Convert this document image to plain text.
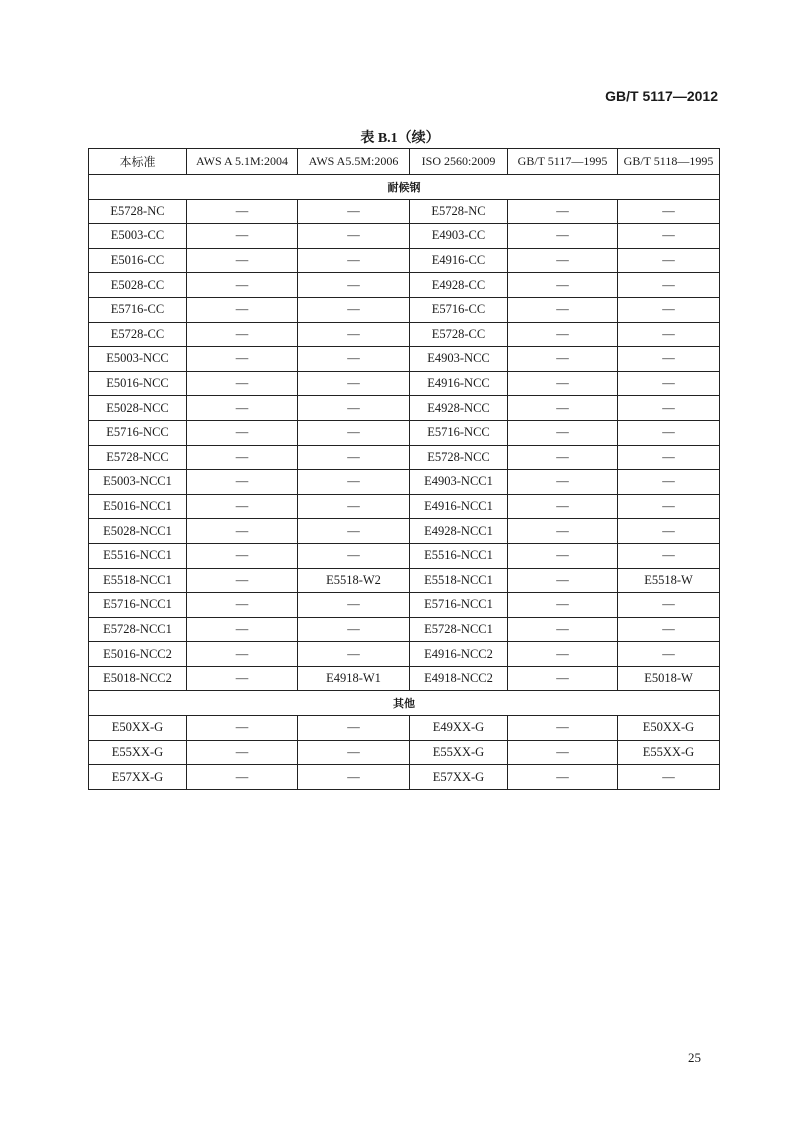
GB/T 5117—2012
表 B.1（续）
本标准	AWS A 5.1M:2004	AWS A5.5M:2006	ISO 2560:2009	GB/T 5117—1995	GB/T 5118—1995
耐候钢					
E5728-NC	—	—	E5728-NC	—	—
E5003-CC	—	—	E4903-CC	—	—
E5016-CC	—	—	E4916-CC	—	—
E5028-CC	—	—	E4928-CC	—	—
E5716-CC	—	—	E5716-CC	—	—
E5728-CC	—	—	E5728-CC	—	—
E5003-NCC	—	—	E4903-NCC	—	—
E5016-NCC	—	—	E4916-NCC	—	—
E5028-NCC	—	—	E4928-NCC	—	—
E5716-NCC	—	—	E5716-NCC	—	—
E5728-NCC	—	—	E5728-NCC	—	—
E5003-NCC1	—	—	E4903-NCC1	—	—
E5016-NCC1	—	—	E4916-NCC1	—	—
E5028-NCC1	—	—	E4928-NCC1	—	—
E5516-NCC1	—	—	E5516-NCC1	—	—
E5518-NCC1	—	E5518-W2	E5518-NCC1	—	E5518-W
E5716-NCC1	—	—	E5716-NCC1	—	—
E5728-NCC1	—	—	E5728-NCC1	—	—
E5016-NCC2	—	—	E4916-NCC2	—	—
E5018-NCC2	—	E4918-W1	E4918-NCC2	—	E5018-W
其他					
E50XX-G	—	—	E49XX-G	—	E50XX-G
E55XX-G	—	—	E55XX-G	—	E55XX-G
E57XX-G	—	—	E57XX-G	—	—
25
